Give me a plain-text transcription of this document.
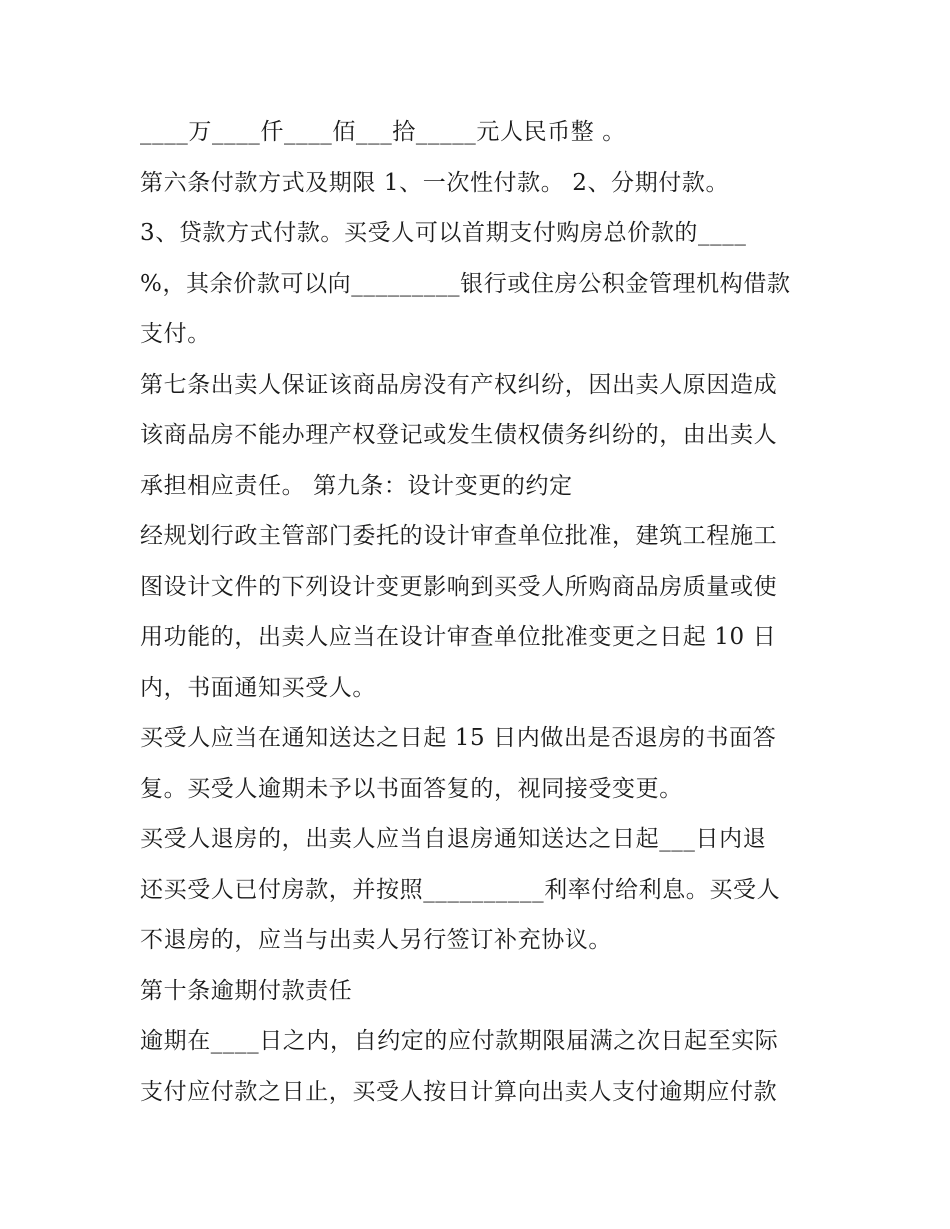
____万____仟____佰___拾_____元人民币整 。
第六条付款方式及期限 1、一次性付款。 2、分期付款。
3、贷款方式付款。买受人可以首期支付购房总价款的____
%，其余价款可以向_________银行或住房公积金管理机构借款
支付。
第七条出卖人保证该商品房没有产权纠纷，因出卖人原因造成
该商品房不能办理产权登记或发生债权债务纠纷的，由出卖人
承担相应责任。 第九条：设计变更的约定
经规划行政主管部门委托的设计审查单位批准，建筑工程施工
图设计文件的下列设计变更影响到买受人所购商品房质量或使
用功能的，出卖人应当在设计审查单位批准变更之日起 10 日
内，书面通知买受人。
买受人应当在通知送达之日起 15 日内做出是否退房的书面答
复。买受人逾期未予以书面答复的，视同接受变更。
买受人退房的，出卖人应当自退房通知送达之日起___日内退
还买受人已付房款，并按照__________利率付给利息。买受人
不退房的，应当与出卖人另行签订补充协议。
第十条逾期付款责任
逾期在____日之内，自约定的应付款期限届满之次日起至实际
支付应付款之日止，买受人按日计算向出卖人支付逾期应付款
